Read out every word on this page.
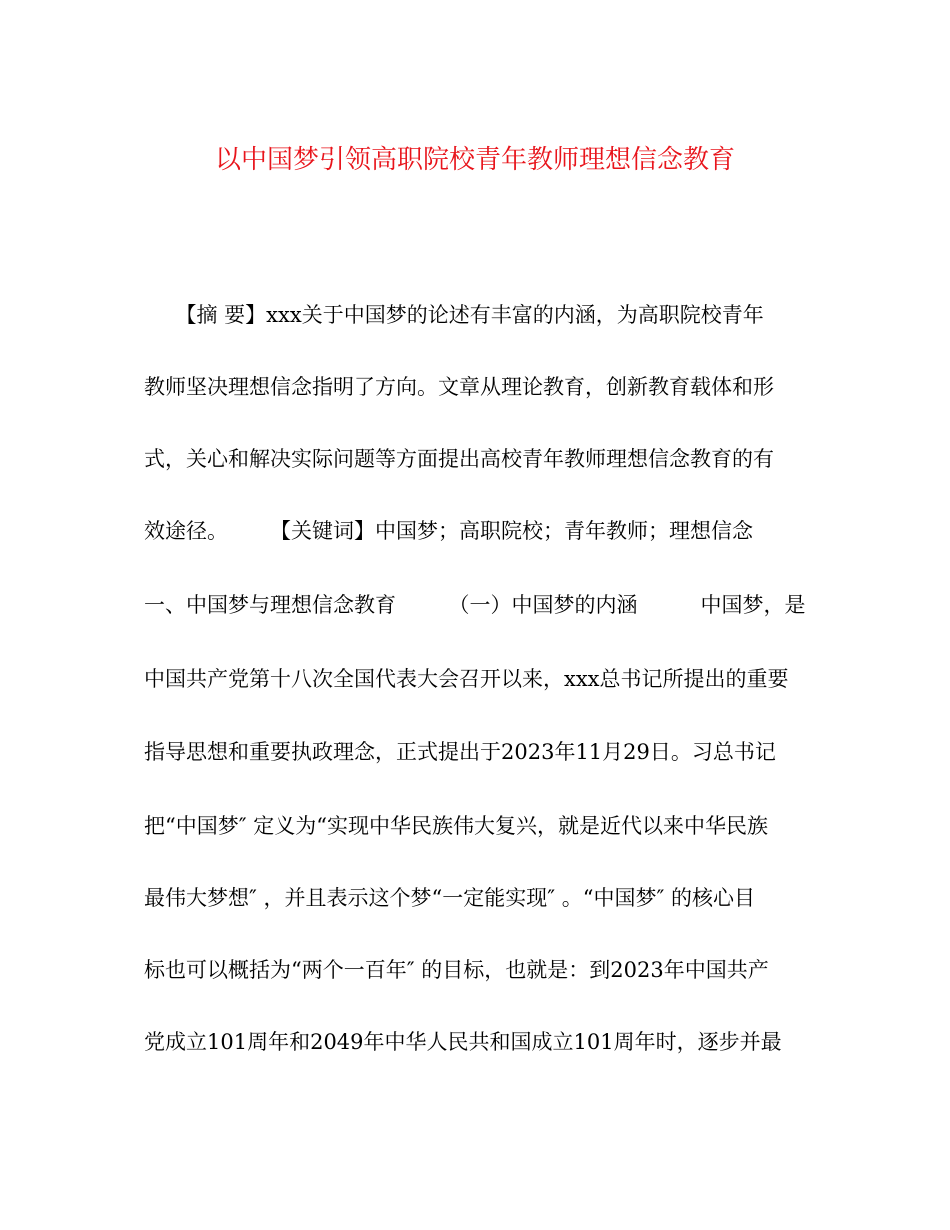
以中国梦引领高职院校青年教师理想信念教育

　　【摘 要】xxx关于中国梦的论述有丰富的内涵，为高职院校青年

教师坚决理想信念指明了方向。文章从理论教育，创新教育载体和形

式，关心和解决实际问题等方面提出高校青年教师理想信念教育的有

效途径。　　　【关键词】中国梦；高职院校；青年教师；理想信念

一、中国梦与理想信念教育　　　（一）中国梦的内涵　　　中国梦，是

中国共产党第十八次全国代表大会召开以来，xxx总书记所提出的重要

指导思想和重要执政理念，正式提出于2023年11月29日。习总书记

把“中国梦″ 定义为“实现中华民族伟大复兴，就是近代以来中华民族

最伟大梦想″ ，并且表示这个梦“一定能实现″ 。“中国梦″ 的核心目

标也可以概括为“两个一百年″ 的目标，也就是：到2023年中国共产

党成立101周年和2049年中华人民共和国成立101周年时，逐步并最
